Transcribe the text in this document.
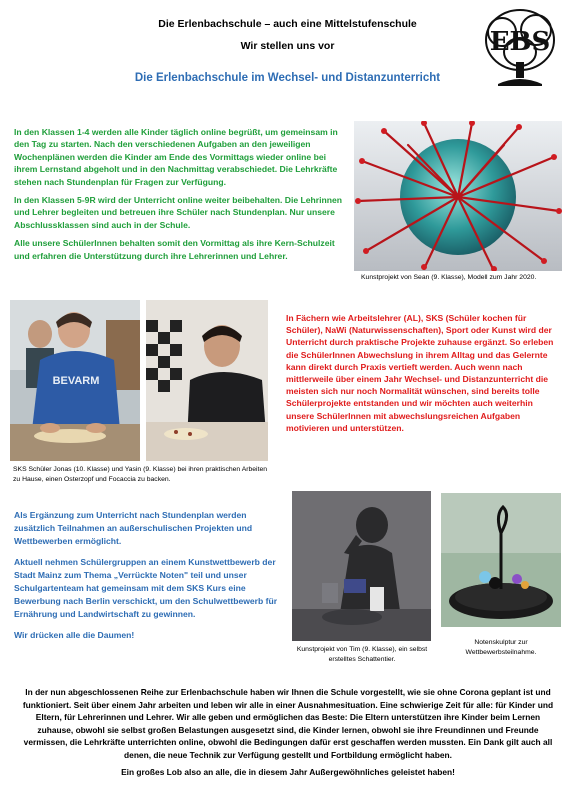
Die Erlenbachschule – auch eine Mittelstufenschule
Wir stellen uns vor
Die Erlenbachschule im Wechsel- und Distanzunterricht
EBS

In den Klassen 1-4 werden alle Kinder täglich online begrüßt, um gemeinsam in den Tag zu starten. Nach den verschiedenen Aufgaben an den jeweiligen Wochenplänen werden die Kinder am Ende des Vormittags wieder online bei ihrem Lernstand abgeholt und in den Nachmittag verabschiedet. Die Lehrkräfte stehen nach Stundenplan für Fragen zur Verfügung.

In den Klassen 5-9R wird der Unterricht online weiter beibehalten. Die Lehrinnen und Lehrer begleiten und betreuen ihre Schüler nach Stundenplan. Nur unsere Abschlussklassen sind auch in der Schule.

Alle unsere SchülerInnen behalten somit den Vormittag als ihre Kern-Schulzeit und erfahren die Unterstützung durch ihre Lehrerinnen und Lehrer.

Kunstprojekt von Sean (9. Klasse), Modell zum Jahr 2020.
BEVARM
SKS Schüler Jonas (10. Klasse) und Yasin (9. Klasse) bei ihren praktischen Arbeiten zu Hause, einen Osterzopf und Focaccia zu backen.
In Fächern wie Arbeitslehrer (AL), SKS (Schüler kochen für Schüler), NaWi (Naturwissenschaften), Sport oder Kunst wird der Unterricht durch praktische Projekte zuhause ergänzt. So erleben die SchülerInnen Abwechslung in ihrem Alltag und das Gelernte kann direkt durch Praxis vertieft werden. Auch wenn nach mittlerweile über einem Jahr Wechsel- und Distanzunterricht die meisten sich nur noch Normalität wünschen, sind bereits tolle Schülerprojekte entstanden und wir möchten auch weiterhin unsere SchülerInnen mit abwechslungsreichen Aufgaben motivieren und unterstützen.

Als Ergänzung zum Unterricht nach Stundenplan werden zusätzlich Teilnahmen an außerschulischen Projekten und Wettbewerben ermöglicht.

Aktuell nehmen Schülergruppen an einem Kunstwettbewerb der Stadt Mainz zum Thema „Verrückte Noten" teil und unser Schulgartenteam hat gemeinsam mit dem SKS Kurs eine Bewerbung nach Berlin verschickt, um den Schulwettbewerb für Ernährung und Landwirtschaft zu gewinnen.

Wir drücken alle die Daumen!

Kunstprojekt von Tim (9. Klasse), ein selbst erstelltes Schattentier.
Notenskulptur zur Wettbewerbsteilnahme.

In der nun abgeschlossenen Reihe zur Erlenbachschule haben wir Ihnen die Schule vorgestellt, wie sie ohne Corona geplant ist und funktioniert. Seit über einem Jahr arbeiten und leben wir alle in einer Ausnahmesituation. Eine schwierige Zeit für alle: für Kinder und Eltern, für Lehrerinnen und Lehrer. Wir alle geben und ermöglichen das Beste: Die Eltern unterstützen ihre Kinder beim Lernen zuhause, obwohl sie selbst großen Belastungen ausgesetzt sind, die Kinder lernen, obwohl sie ihre Freundinnen und Freunde vermissen, die Lehrkräfte unterrichten online, obwohl die Bedingungen dafür erst geschaffen werden mussten. Ein Dank gilt auch all denen, die neue Technik zur Verfügung gestellt und Fortbildung ermöglicht haben.

Ein großes Lob also an alle, die in diesem Jahr Außergewöhnliches geleistet haben!
